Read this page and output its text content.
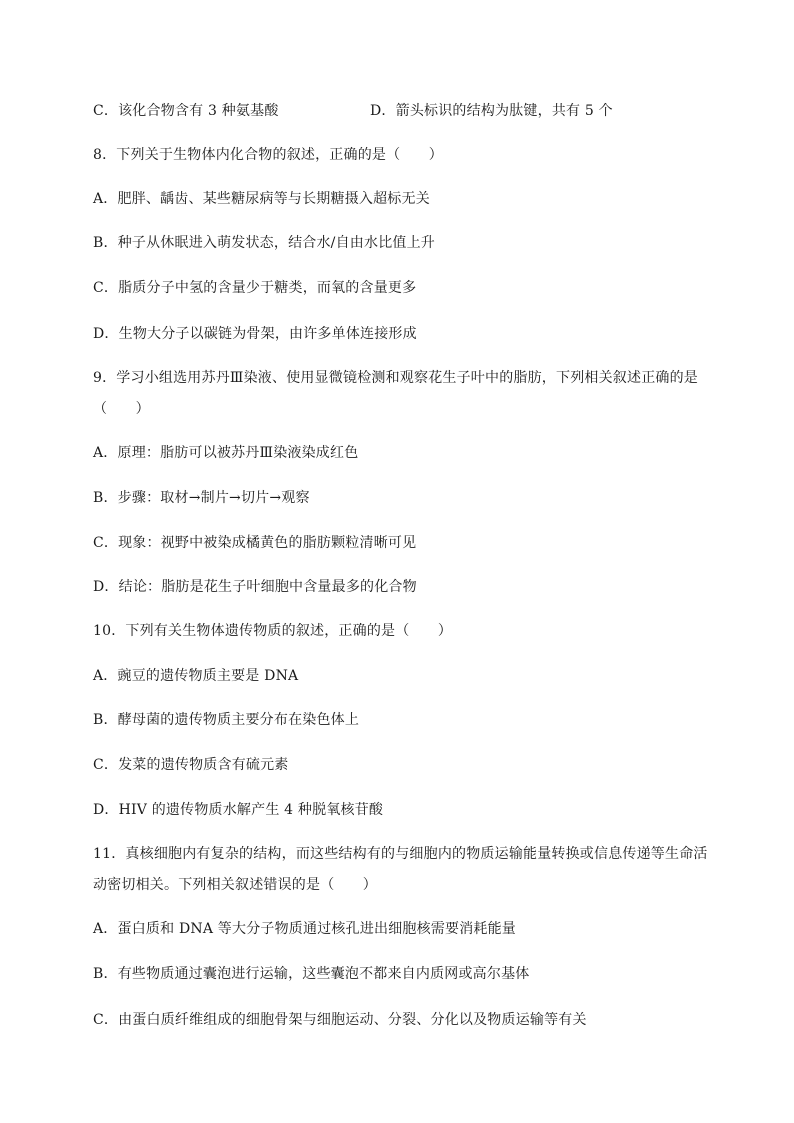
C．该化合物含有 3 种氨基酸	D．箭头标识的结构为肽键，共有 5 个
8．下列关于生物体内化合物的叙述，正确的是（　　）
A．肥胖、龋齿、某些糖尿病等与长期糖摄入超标无关
B．种子从休眠进入萌发状态，结合水/自由水比值上升
C．脂质分子中氢的含量少于糖类，而氧的含量更多
D．生物大分子以碳链为骨架，由许多单体连接形成
9．学习小组选用苏丹Ⅲ染液、使用显微镜检测和观察花生子叶中的脂肪，下列相关叙述正确的是
（　　）
A．原理：脂肪可以被苏丹Ⅲ染液染成红色
B．步骤：取材→制片→切片→观察
C．现象：视野中被染成橘黄色的脂肪颗粒清晰可见
D．结论：脂肪是花生子叶细胞中含量最多的化合物
10．下列有关生物体遗传物质的叙述，正确的是（　　）
A．豌豆的遗传物质主要是 DNA
B．酵母菌的遗传物质主要分布在染色体上
C．发菜的遗传物质含有硫元素
D．HIV 的遗传物质水解产生 4 种脱氧核苷酸
11．真核细胞内有复杂的结构，而这些结构有的与细胞内的物质运输能量转换或信息传递等生命活
动密切相关。下列相关叙述错误的是（　　）
A．蛋白质和 DNA 等大分子物质通过核孔进出细胞核需要消耗能量
B．有些物质通过囊泡进行运输，这些囊泡不都来自内质网或高尔基体
C．由蛋白质纤维组成的细胞骨架与细胞运动、分裂、分化以及物质运输等有关
